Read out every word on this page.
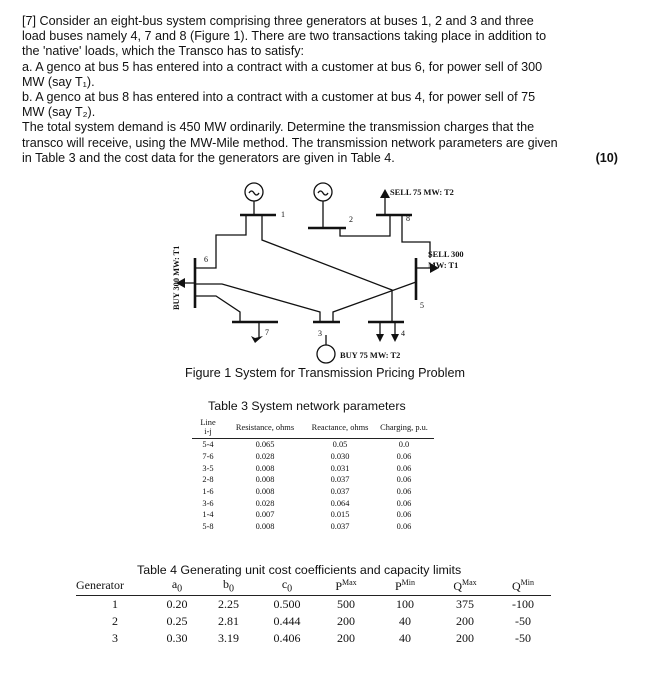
[7] Consider an eight-bus system comprising three generators at buses 1, 2 and 3 and three

load buses namely 4, 7 and 8 (Figure 1). There are two transactions taking place in addition to

the 'native' loads, which the Transco has to satisfy:

a. A genco at bus 5 has entered into a contract with a customer at bus 6, for power sell of 300

MW (say T₁).

b. A genco at bus 8 has entered into a contract with a customer at bus 4, for power sell of 75

MW (say T₂).

The total system demand is 450 MW ordinarily. Determine the transmission charges that the

transco will receive, using the MW-Mile method. The transmission network parameters are given

in Table 3 and the cost data for the generators are given in Table 4.	(10)

1
2
3	4
5
6
7
8
SELL 75 MW: T2
SELL 300
MW: T1
BUY 75 MW: T2
BUY 300 MW: T1
Figure 1 System for Transmission Pricing Problem
Table 3 System network parameters
Line i-j	Resistance, ohms	Reactance, ohms	Charging, p.u.
5-4	0.065	0.05	0.0
7-6	0.028	0.030	0.06
3-5	0.008	0.031	0.06
2-8	0.008	0.037	0.06
1-6	0.008	0.037	0.06
3-6	0.028	0.064	0.06
1-4	0.007	0.015	0.06
5-8	0.008	0.037	0.06
Table 4 Generating unit cost coefficients and capacity limits
Generator	$a_0$	$b_0$	$c_0$	$P^{Max}$	$P^{Min}$	$Q^{Max}$	$Q^{Min}$
1	0.20	2.25	0.500	500	100	375	-100
2	0.25	2.81	0.444	200	40	200	-50
3	0.30	3.19	0.406	200	40	200	-50
